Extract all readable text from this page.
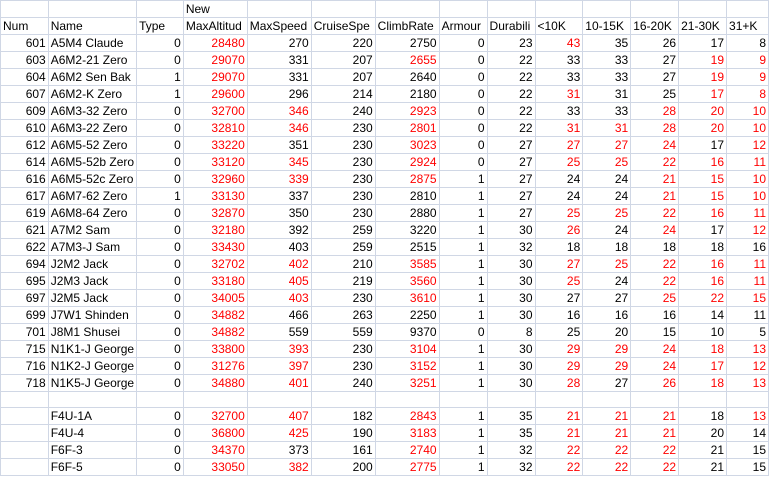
			New										
Num	Name	Type	MaxAltitud	MaxSpeed	CruiseSpe	ClimbRate	Armour	Durabili	<10K	10-15K	16-20K	21-30K	31+K
601	A5M4 Claude	0	28480	270	220	2750	0	23	43	35	26	17	8
603	A6M2-21 Zero	0	29070	331	207	2655	0	22	33	33	27	19	9
604	A6M2 Sen Bak	1	29070	331	207	2640	0	22	33	33	27	19	9
607	A6M2-K Zero	1	29600	296	214	2180	0	22	31	31	25	17	8
609	A6M3-32 Zero	0	32700	346	240	2923	0	22	33	33	28	20	10
610	A6M3-22 Zero	0	32810	346	230	2801	0	22	31	31	28	20	10
612	A6M5-52 Zero	0	33220	351	230	3023	0	27	27	27	24	17	12
614	A6M5-52b Zero	0	33120	345	230	2924	0	27	25	25	22	16	11
616	A6M5-52c Zero	0	32960	339	230	2875	1	27	24	24	21	15	10
617	A6M7-62 Zero	1	33130	337	230	2810	1	27	24	24	21	15	10
619	A6M8-64 Zero	0	32870	350	230	2880	1	27	25	25	22	16	11
621	A7M2 Sam	0	32180	392	259	3220	1	30	26	24	24	17	12
622	A7M3-J Sam	0	33430	403	259	2515	1	32	18	18	18	18	16
694	J2M2 Jack	0	32702	402	210	3585	1	30	27	25	22	16	11
695	J2M3 Jack	0	33180	405	219	3560	1	30	25	24	22	16	11
697	J2M5 Jack	0	34005	403	230	3610	1	30	27	27	25	22	15
699	J7W1 Shinden	0	34882	466	263	2250	1	30	16	16	16	14	11
701	J8M1 Shusei	0	34882	559	559	9370	0	8	25	20	15	10	5
715	N1K1-J George	0	33800	393	230	3104	1	30	29	29	24	18	13
716	N1K2-J George	0	31276	397	230	3152	1	30	29	29	24	17	12
718	N1K5-J George	0	34880	401	240	3251	1	30	28	27	26	18	13

	F4U-1A	0	32700	407	182	2843	1	35	21	21	21	18	13
	F4U-4	0	36800	425	190	3183	1	35	21	21	21	20	14
	F6F-3	0	34370	373	161	2740	1	32	22	22	22	21	15
	F6F-5	0	33050	382	200	2775	1	32	22	22	22	21	15
